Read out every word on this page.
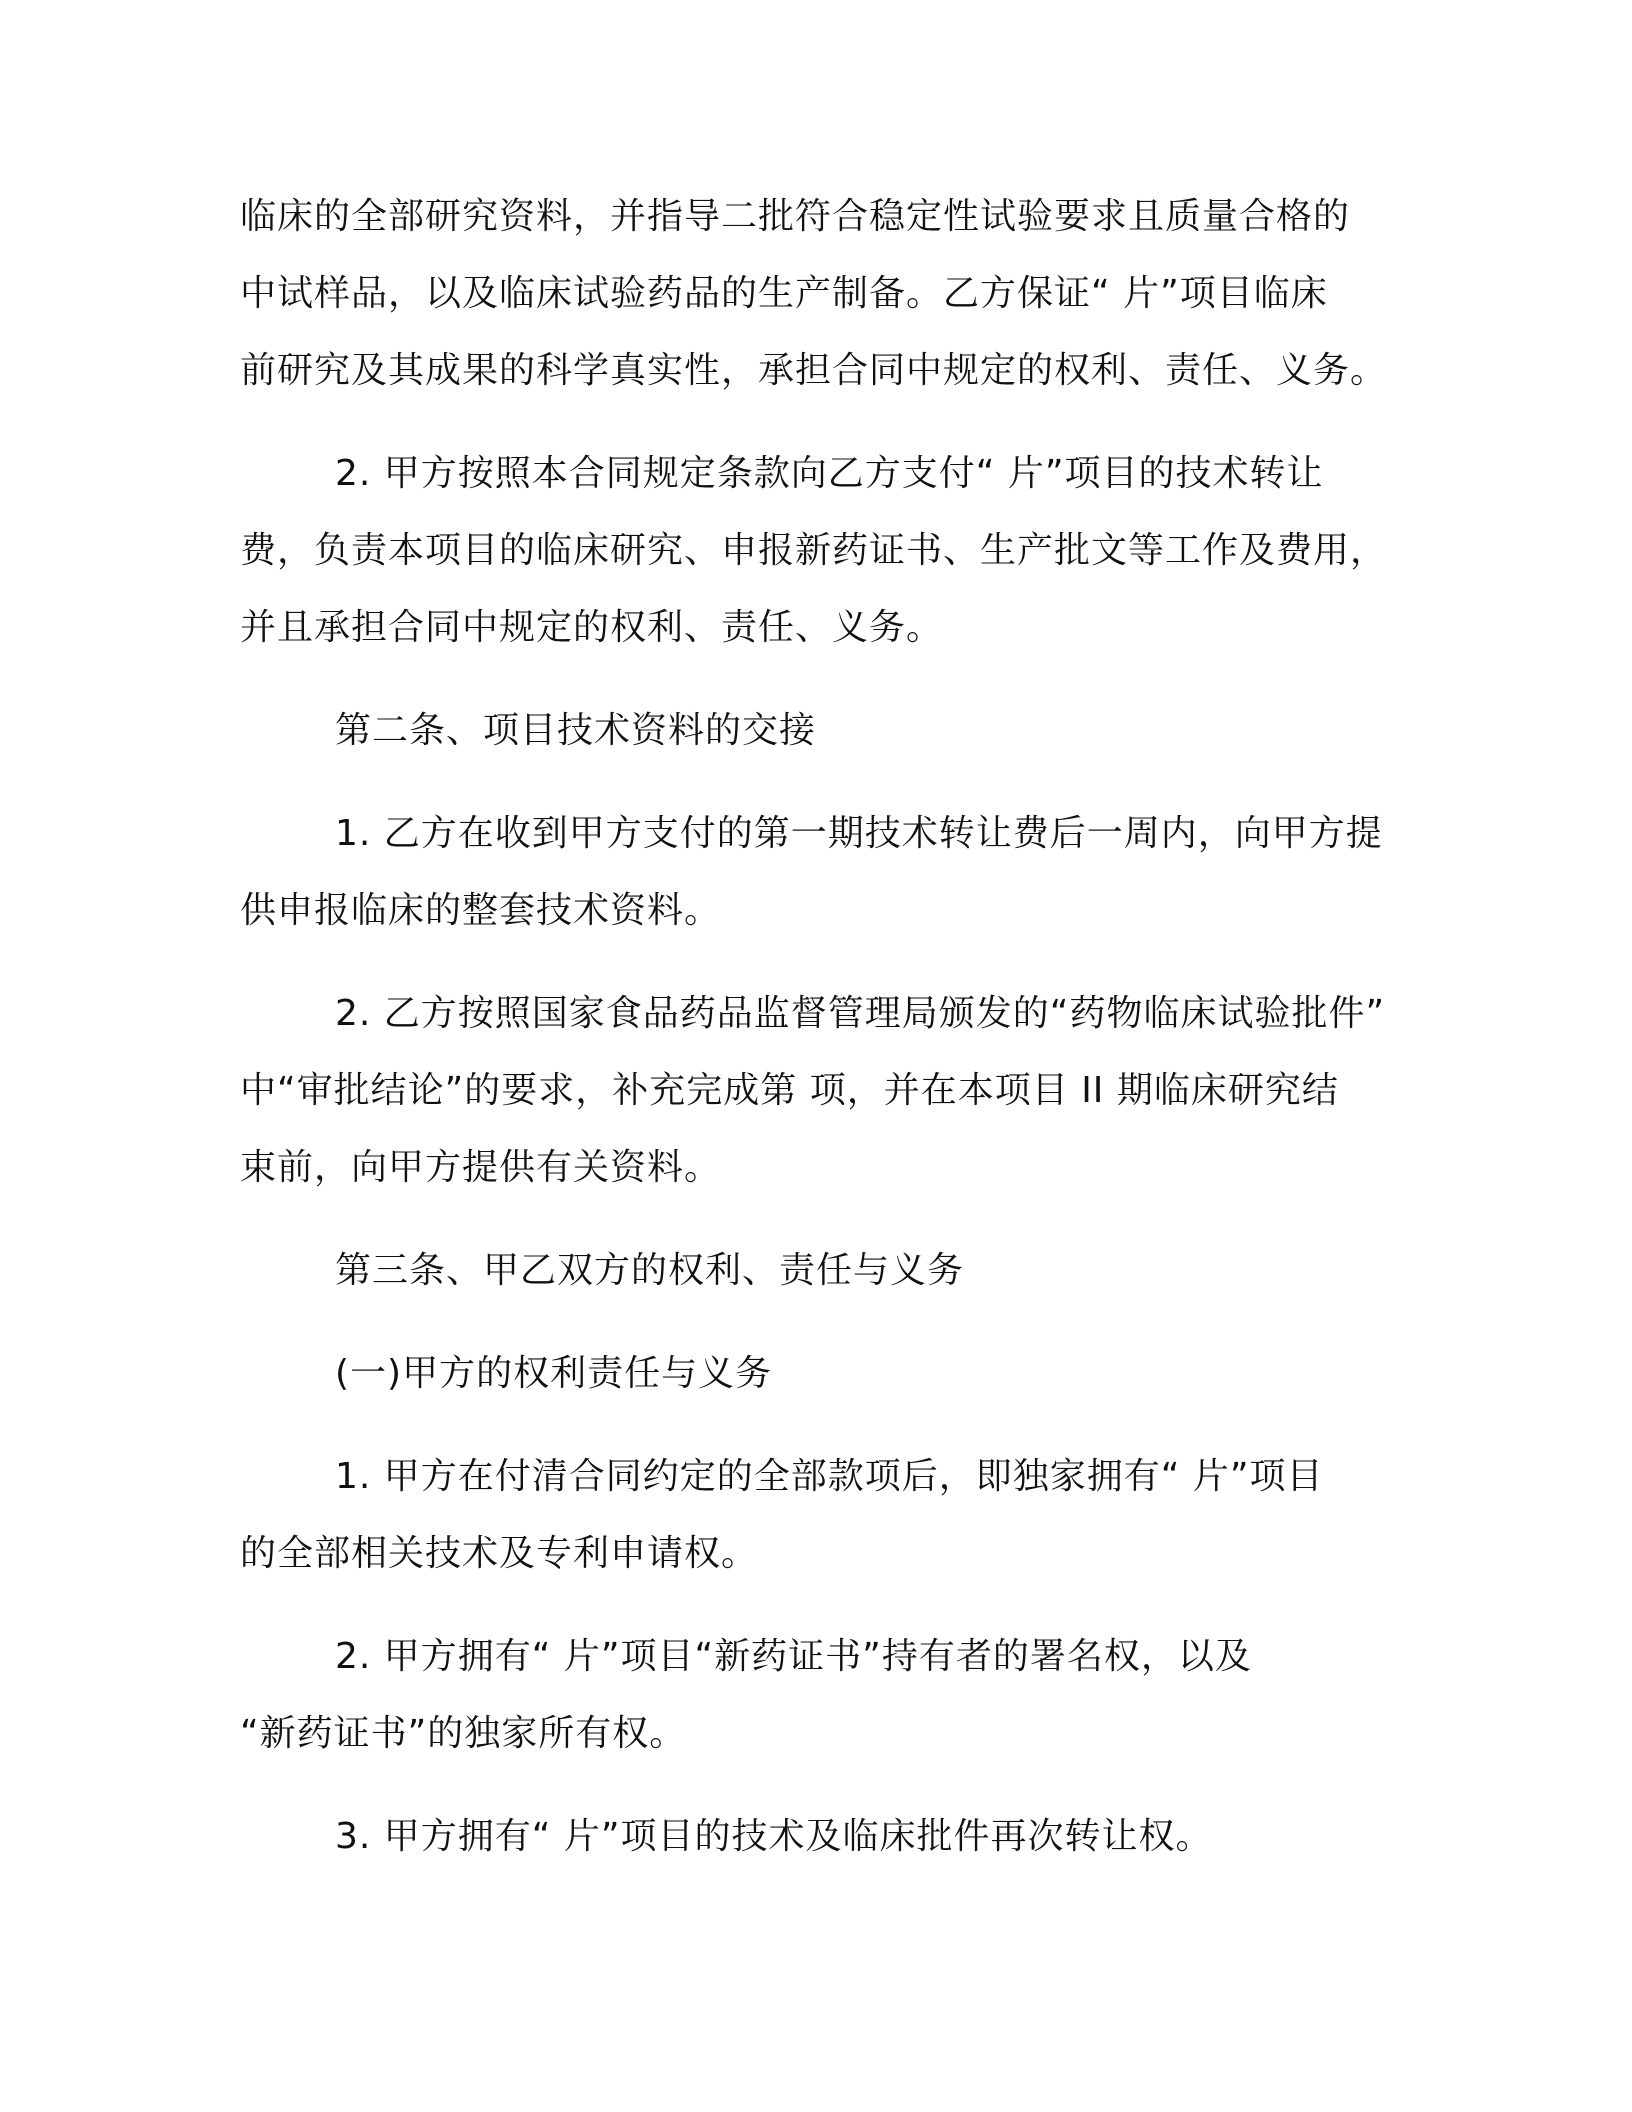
临床的全部研究资料，并指导二批符合稳定性试验要求且质量合格的
中试样品，以及临床试验药品的生产制备。乙方保证“ 片”项目临床
前研究及其成果的科学真实性，承担合同中规定的权利、责任、义务。
2. 甲方按照本合同规定条款向乙方支付“ 片”项目的技术转让
费，负责本项目的临床研究、申报新药证书、生产批文等工作及费用，
并且承担合同中规定的权利、责任、义务。
第二条、项目技术资料的交接
1. 乙方在收到甲方支付的第一期技术转让费后一周内，向甲方提
供申报临床的整套技术资料。
2. 乙方按照国家食品药品监督管理局颁发的“药物临床试验批件”
中“审批结论”的要求，补充完成第 项，并在本项目 II 期临床研究结
束前，向甲方提供有关资料。
第三条、甲乙双方的权利、责任与义务
(一)甲方的权利责任与义务
1. 甲方在付清合同约定的全部款项后，即独家拥有“ 片”项目
的全部相关技术及专利申请权。
2. 甲方拥有“ 片”项目“新药证书”持有者的署名权，以及
“新药证书”的独家所有权。
3. 甲方拥有“ 片”项目的技术及临床批件再次转让权。
